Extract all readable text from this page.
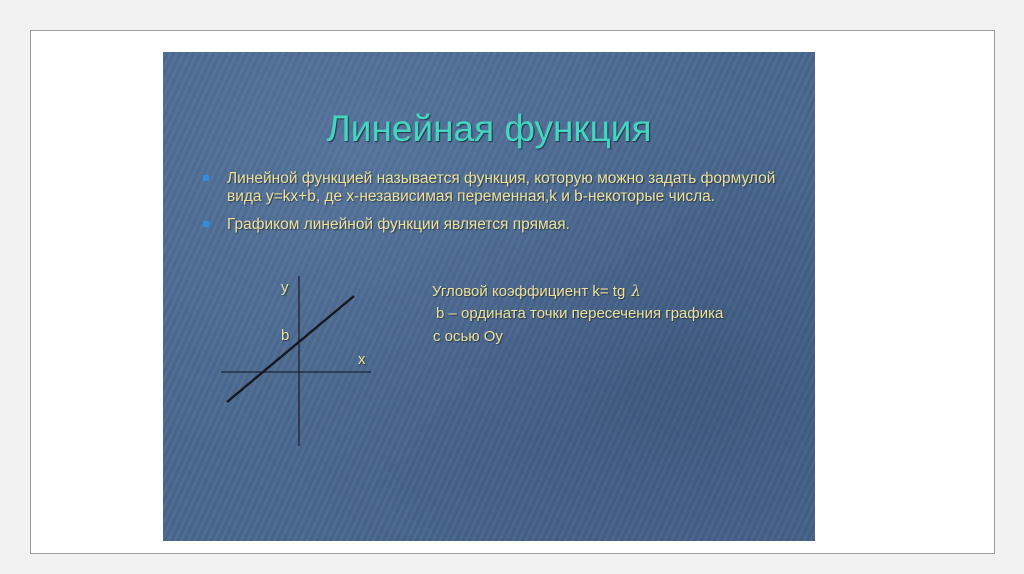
Линейная функция
Линейной функцией называется функция, которую можно задать формулой вида y=kx+b, де x-независимая переменная,k и b-некоторые числа.
Графиком линейной функции является прямая.
y
b
x
Угловой коэффициент k= tg λ
b – ордината точки пересечения графика
с осью Oy
